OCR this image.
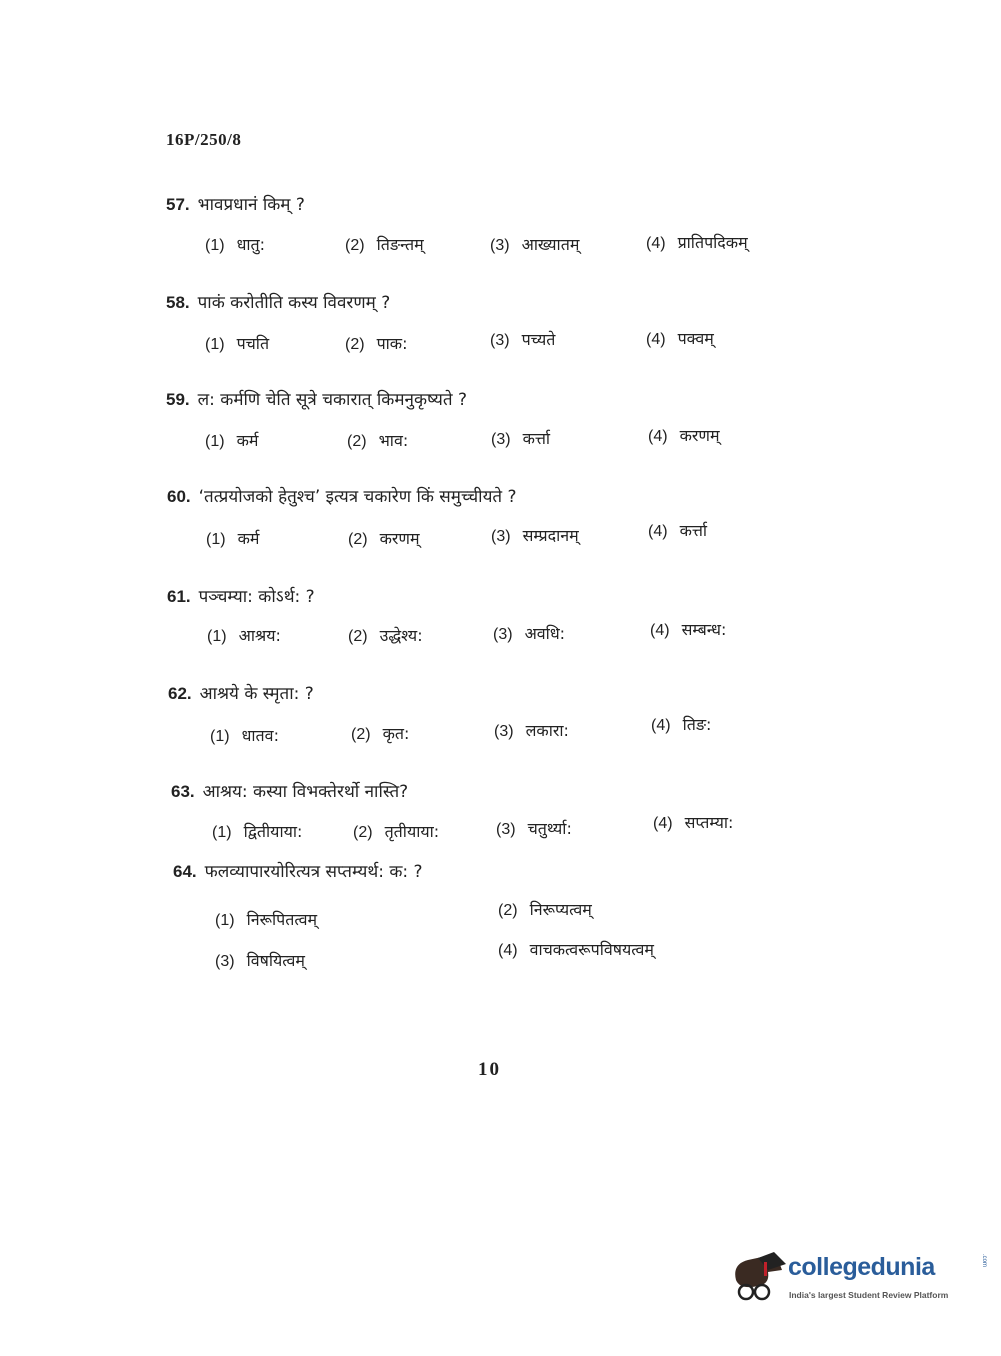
16P/250/8
57. भावप्रधानं किम् ?
(1) धातु:	(2) तिङन्तम्	(3) आख्यातम्	(4) प्रातिपदिकम्
58. पाकं करोतीति कस्य विवरणम् ?
(1) पचति	(2) पाक:	(3) पच्यते	(4) पक्वम्
59. ल: कर्मणि चेति सूत्रे चकारात् किमनुकृष्यते ?
(1) कर्म	(2) भाव:	(3) कर्त्ता	(4) करणम्
60. ‘तत्प्रयोजको हेतुश्च’ इत्यत्र चकारेण किं समुच्चीयते ?
(1) कर्म	(2) करणम्	(3) सम्प्रदानम्	(4) कर्त्ता
61. पञ्चम्या: कोऽर्थ: ?
(1) आश्रय:	(2) उद्धेश्य:	(3) अवधि:	(4) सम्बन्ध:
62. आश्रये के स्मृता: ?
(1) धातव:	(2) कृत:	(3) लकारा:	(4) तिङ:
63. आश्रय: कस्या विभक्तेरर्थो नास्ति?
(1) द्वितीयाया:	(2) तृतीयाया:	(3) चतुर्थ्या:	(4) सप्तम्या:
64. फलव्यापारयोरित्यत्र सप्तम्यर्थ: क: ?
(1) निरूपितत्वम्	(2) निरूप्यत्वम्
(3) विषयित्वम्
(4) वाचकत्वरूपविषयत्वम्
10
collegedunia	.com
India's largest Student Review Platform
